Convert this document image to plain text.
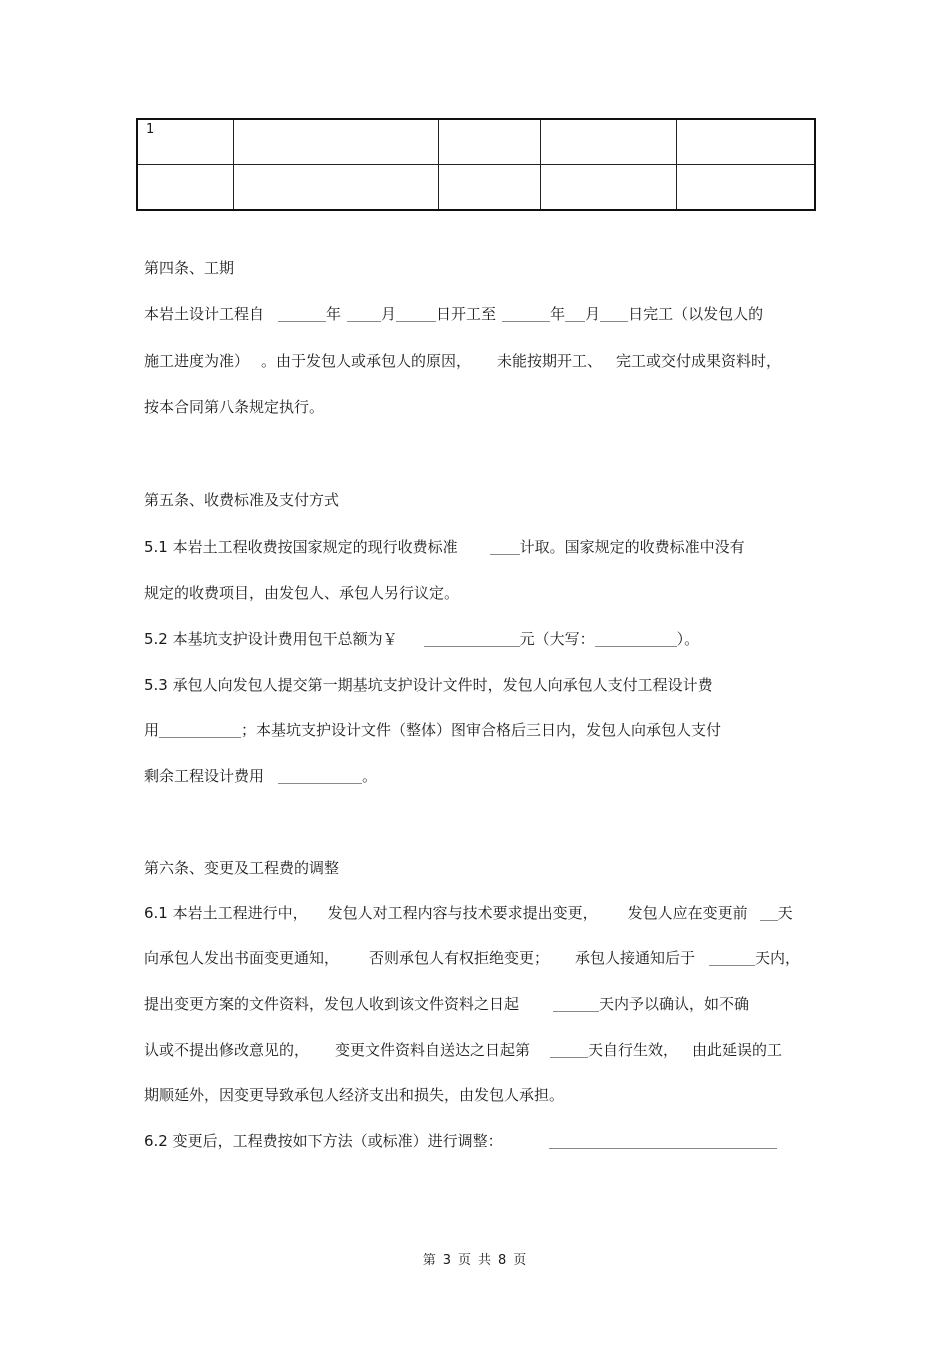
1				

第四条、工期
本岩土设计工程自	年	月	日开工至	年 月 日完工（以发包人的
施工进度为准） 。由于发包人或承包人的原因， 未能按期开工、 完工或交付成果资料时，
按本合同第八条规定执行。
第五条、收费标准及支付方式
5.1 本岩土工程收费按国家规定的现行收费标准	计取。国家规定的收费标准中没有
规定的收费项目，由发包人、承包人另行议定。
5.2 本基坑支护设计费用包干总额为￥	元（大写：	）。
5.3 承包人向发包人提交第一期基坑支护设计文件时，发包人向承包人支付工程设计费
用	；本基坑支护设计文件（整体）图审合格后三日内，发包人向承包人支付
剩余工程设计费用	。
第六条、变更及工程费的调整
6.1 本岩土工程进行中， 发包人对工程内容与技术要求提出变更， 发包人应在变更前 天
向承包人发出书面变更通知， 否则承包人有权拒绝变更； 承包人接通知后于	天内，
提出变更方案的文件资料，发包人收到该文件资料之日起	天内予以确认，如不确
认或不提出修改意见的， 变更文件资料自送达之日起第	天自行生效， 由此延误的工
期顺延外，因变更导致承包人经济支出和损失，由发包人承担。
6.2 变更后，工程费按如下方法（或标准）进行调整：
第 3 页 共 8 页
